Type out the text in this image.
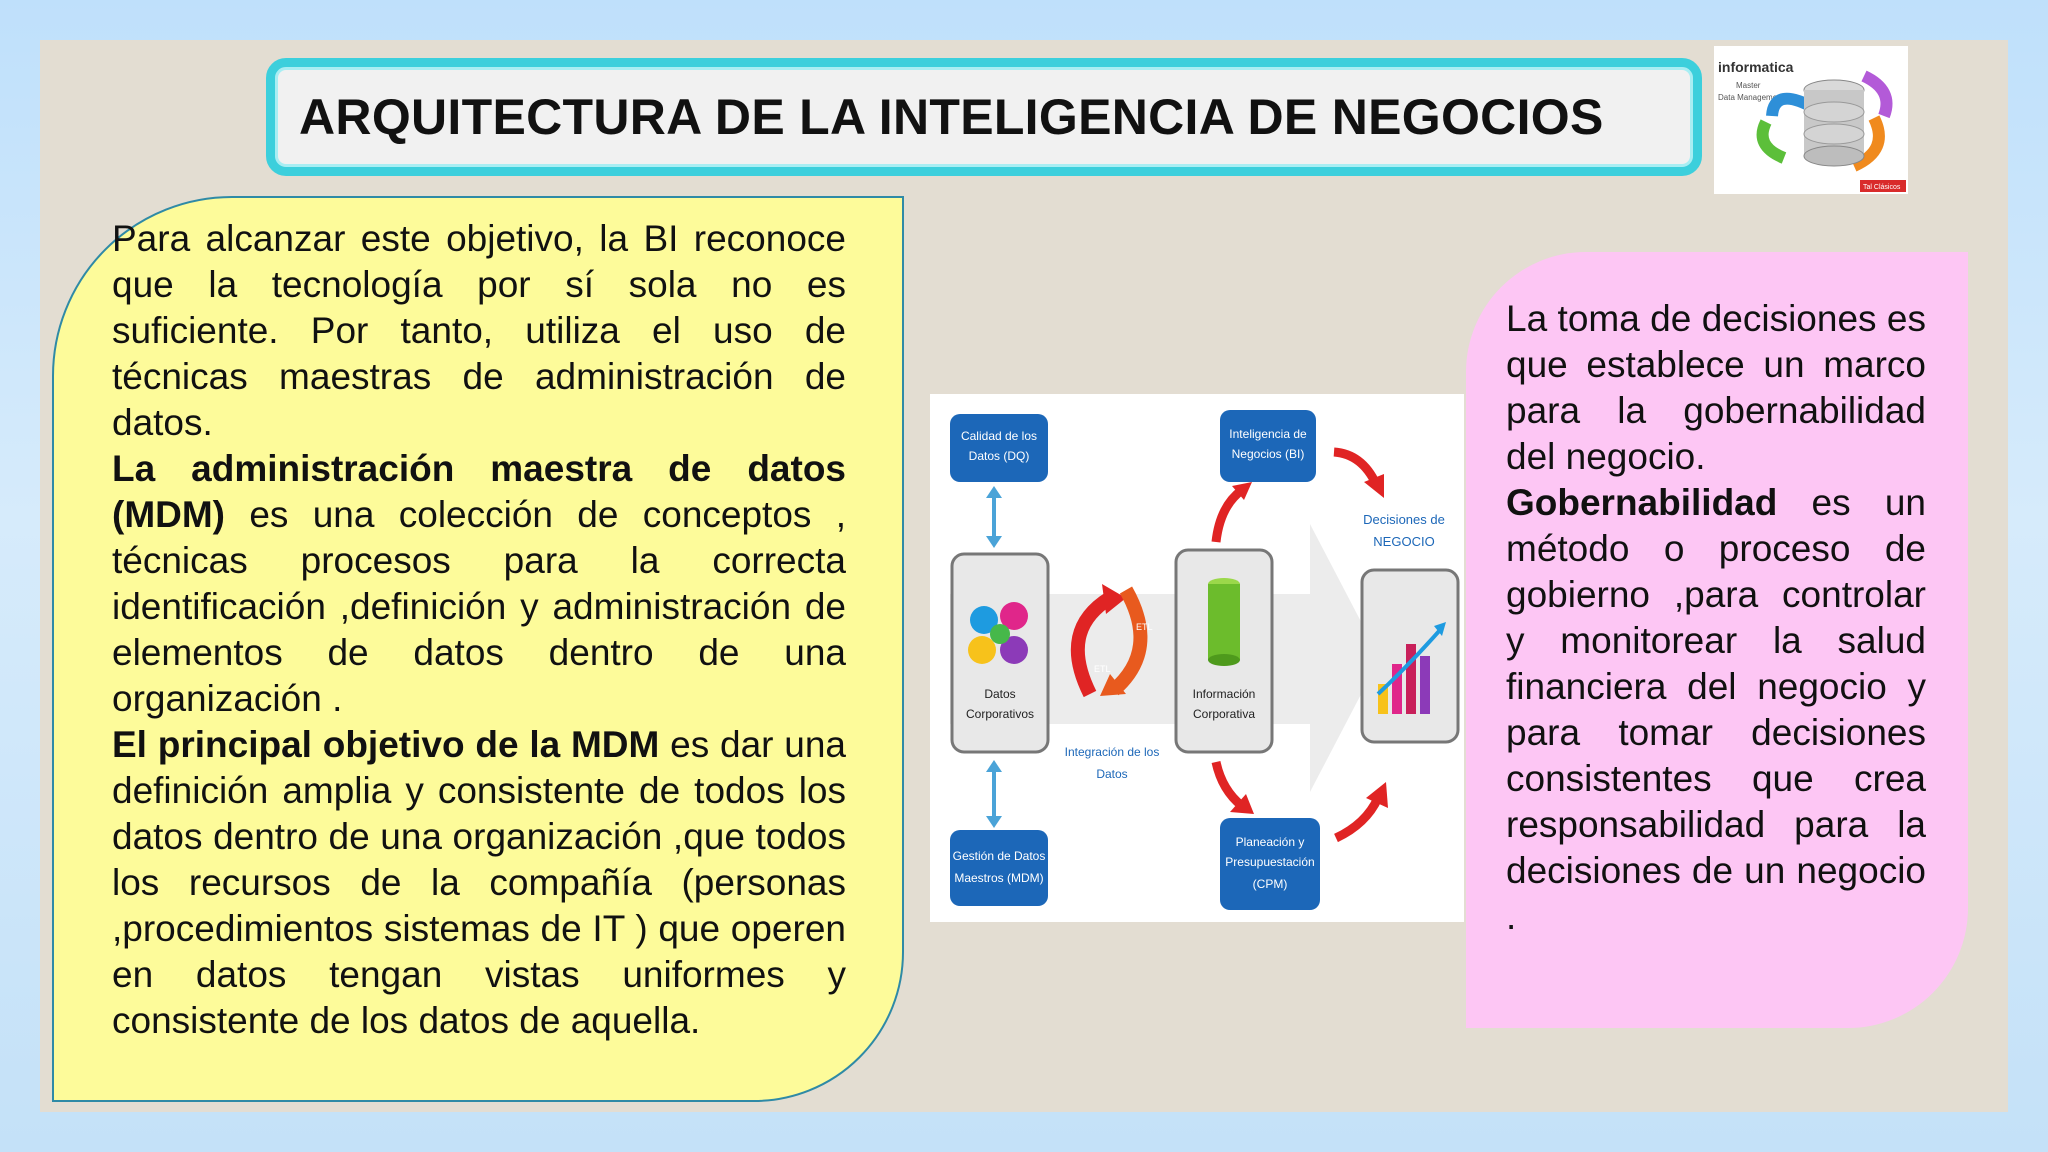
ARQUITECTURA DE LA INTELIGENCIA DE NEGOCIOS
informatica
Master
Data Management
Tal Clásicos

Para alcanzar este objetivo, la BI reconoce que la tecnología por sí sola no es suficiente. Por tanto, utiliza el uso de técnicas maestras de administración de datos.

La administración maestra de datos (MDM) es una colección de conceptos , técnicas procesos para la correcta identificación ,definición y administración de elementos de datos dentro de una organización .

El principal objetivo de la MDM es dar una definición amplia y consistente de todos los datos dentro de una organización ,que todos los recursos de la compañía (personas ,procedimientos sistemas de IT ) que operen en datos tengan vistas uniformes y consistente de los datos de aquella.

Calidad de los
Datos (DQ)
Inteligencia de
Negocios (BI)
Decisiones de
NEGOCIO
Datos
Corporativos
ETL
ETL
Integración de los
Datos
Información
Corporativa
Gestión de Datos
Maestros (MDM)
Planeación y
Presupuestación
(CPM)

La toma de decisiones es que establece un marco para la gobernabilidad del negocio.

Gobernabilidad es un método o proceso de gobierno ,para controlar y monitorear la salud financiera del negocio y para tomar decisiones consistentes que crea responsabilidad para la decisiones de un negocio .
